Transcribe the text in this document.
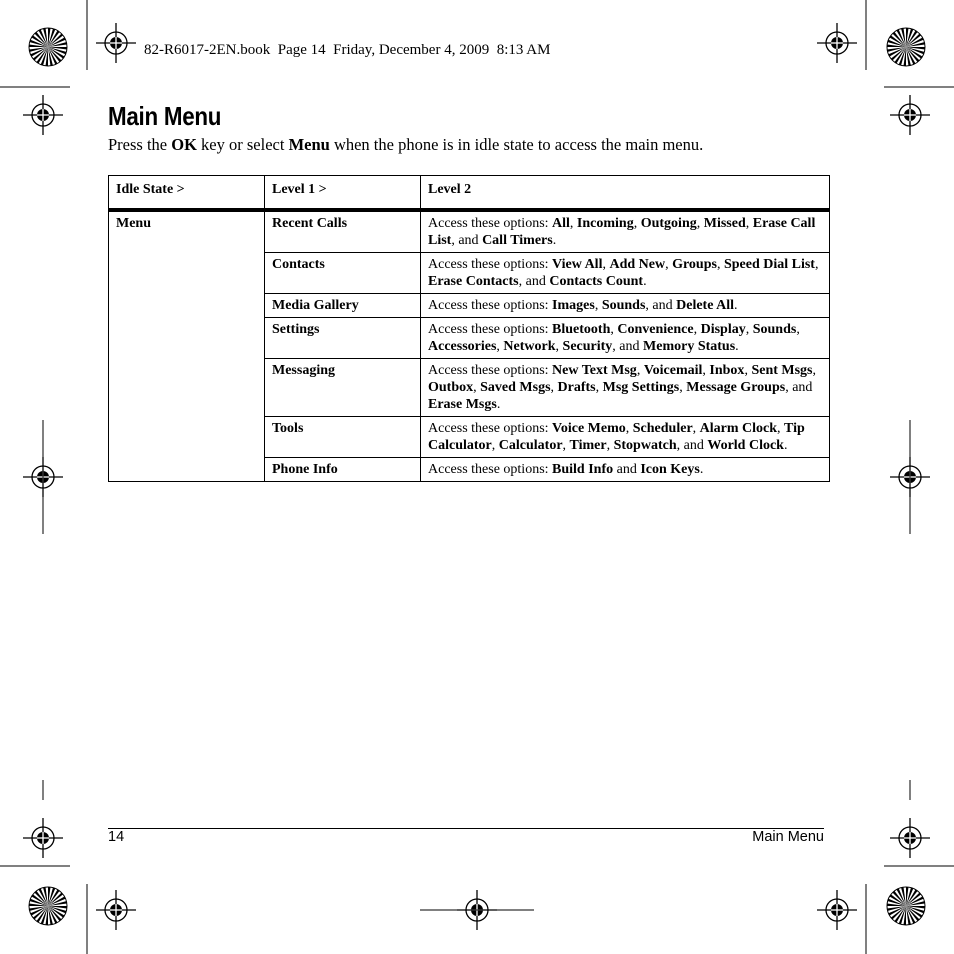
82-R6017-2EN.book  Page 14  Friday, December 4, 2009  8:13 AM
Main Menu

Press the OK key or select Menu when the phone is in idle state to access the main menu.

Idle State >	Level 1 >	Level 2
Menu	Recent Calls	Access these options: All, Incoming, Outgoing, Missed, Erase Call List, and Call Timers.
	Contacts	Access these options: View All, Add New, Groups, Speed Dial List, Erase Contacts, and Contacts Count.
	Media Gallery	Access these options: Images, Sounds, and Delete All.
	Settings	Access these options: Bluetooth, Convenience, Display, Sounds, Accessories, Network, Security, and Memory Status.
	Messaging	Access these options: New Text Msg, Voicemail, Inbox, Sent Msgs, Outbox, Saved Msgs, Drafts, Msg Settings, Message Groups, and Erase Msgs.
	Tools	Access these options: Voice Memo, Scheduler, Alarm Clock, Tip Calculator, Calculator, Timer, Stopwatch, and World Clock.
	Phone Info	Access these options: Build Info and Icon Keys.
14	Main Menu
